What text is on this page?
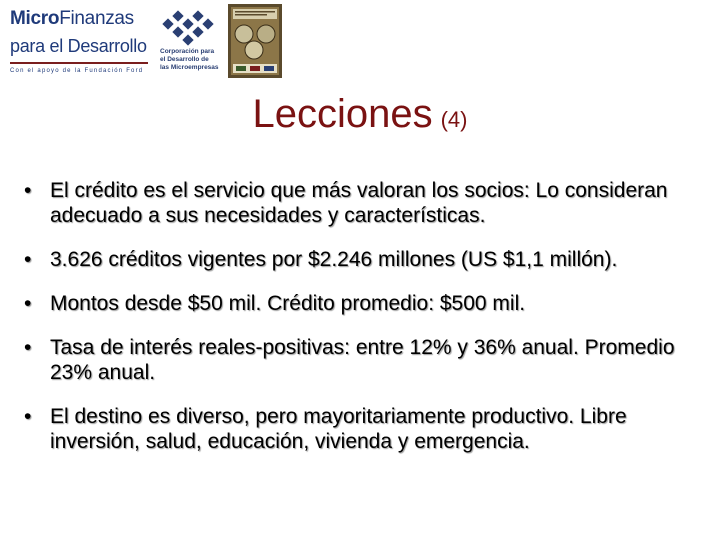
MicroFinanzas
para el Desarrollo
Con el apoyo de la Fundación Ford
Corporación para
el Desarrollo de
las Microempresas
Lecciones (4)
• El crédito es el servicio que más valoran los socios: Lo consideran adecuado a sus necesidades y características.
• 3.626 créditos vigentes por $2.246 millones (US $1,1 millón).
• Montos desde $50 mil. Crédito promedio: $500 mil.
• Tasa de interés reales-positivas: entre 12% y 36% anual. Promedio 23% anual.
• El destino es diverso, pero mayoritariamente productivo. Libre inversión, salud, educación, vivienda y emergencia.
